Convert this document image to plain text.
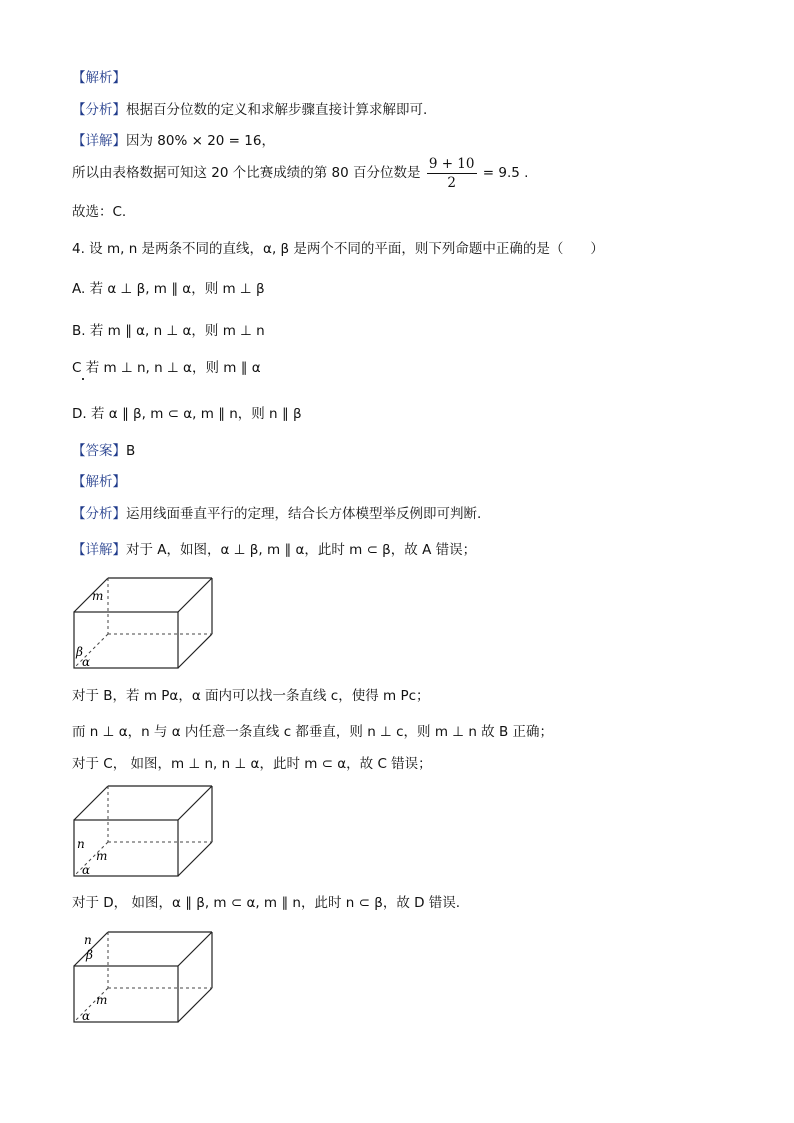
【解析】
【分析】根据百分位数的定义和求解步骤直接计算求解即可.
【详解】因为 80% × 20 = 16，
所以由表格数据可知这 20 个比赛成绩的第 80 百分位数是 $\frac{9 + 10}{2} = 9.5$ .
故选：C.
4. 设 m, n 是两条不同的直线，α, β 是两个不同的平面，则下列命题中正确的是（　　）
A. 若 α ⊥ β, m ∥ α，则 m ⊥ β
B. 若 m ∥ α, n ⊥ α，则 m ⊥ n
C 若 m ⊥ n, n ⊥ α，则 m ∥ α
D. 若 α ∥ β, m ⊂ α, m ∥ n，则 n ∥ β
【答案】B
【解析】
【分析】运用线面垂直平行的定理，结合长方体模型举反例即可判断.
【详解】对于 A，如图，α ⊥ β, m ∥ α，此时 m ⊂ β，故 A 错误；
m
β
α
对于 B，若 m Pα，α 面内可以找一条直线 c，使得 m Pc；
而 n ⊥ α，n 与 α 内任意一条直线 c 都垂直，则 n ⊥ c，则 m ⊥ n 故 B 正确；
对于 C， 如图，m ⊥ n, n ⊥ α，此时 m ⊂ α，故 C 错误；
n
m
α
对于 D， 如图，α ∥ β, m ⊂ α, m ∥ n，此时 n ⊂ β，故 D 错误.
n
β
m
α
